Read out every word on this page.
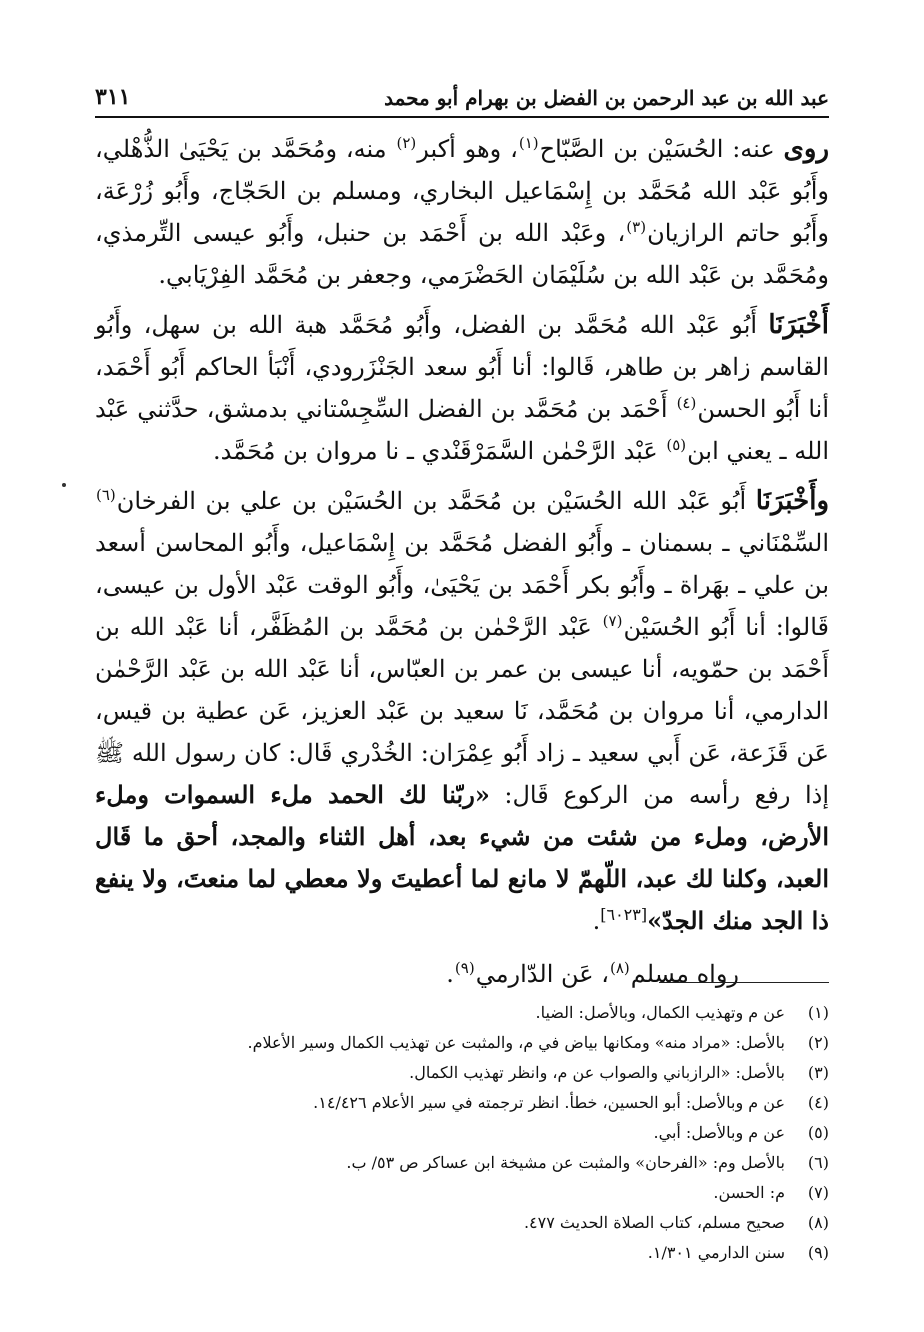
عبد الله بن عبد الرحمن بن الفضل بن بهرام أبو محمد
٣١١

روى عنه: الحُسَيْن بن الصَّبّاح$^{(١)}$، وهو أكبر$^{(٢)}$ منه، ومُحَمَّد بن يَحْيَىٰ الذُّهْلي، وأَبُو عَبْد الله مُحَمَّد بن إِسْمَاعيل البخاري، ومسلم بن الحَجّاج، وأَبُو زُرْعَة، وأَبُو حاتم الرازيان$^{(٣)}$، وعَبْد الله بن أَحْمَد بن حنبل، وأَبُو عيسى التِّرمذي، ومُحَمَّد بن عَبْد الله بن سُلَيْمَان الحَضْرَمي، وجعفر بن مُحَمَّد الفِرْيَابي.

أَخْبَرَنَا أَبُو عَبْد الله مُحَمَّد بن الفضل، وأَبُو مُحَمَّد هبة الله بن سهل، وأَبُو القاسم زاهر بن طاهر، قَالوا: أنا أَبُو سعد الجَنْزَرودي، أَنْبَأ الحاكم أَبُو أَحْمَد، أنا أَبُو الحسن$^{(٤)}$ أَحْمَد بن مُحَمَّد بن الفضل السِّجِسْتاني بدمشق، حدَّثني عَبْد الله ـ يعني ابن$^{(٥)}$ عَبْد الرَّحْمٰن السَّمَرْقَنْدي ـ نا مروان بن مُحَمَّد.

وأَخْبَرَنَا أَبُو عَبْد الله الحُسَيْن بن مُحَمَّد بن الحُسَيْن بن علي بن الفرخان$^{(٦)}$ السِّمْنَاني ـ بسمنان ـ وأَبُو الفضل مُحَمَّد بن إِسْمَاعيل، وأَبُو المحاسن أسعد بن علي ـ بهَراة ـ وأَبُو بكر أَحْمَد بن يَحْيَىٰ، وأَبُو الوقت عَبْد الأول بن عيسى، قَالوا: أنا أَبُو الحُسَيْن$^{(٧)}$ عَبْد الرَّحْمٰن بن مُحَمَّد بن المُظَفَّر، أنا عَبْد الله بن أَحْمَد بن حمّويه، أنا عيسى بن عمر بن العبّاس، أنا عَبْد الله بن عَبْد الرَّحْمٰن الدارمي، أنا مروان بن مُحَمَّد، نَا سعيد بن عَبْد العزيز، عَن عطية بن قيس، عَن قَزَعة، عَن أَبي سعيد ـ زاد أَبُو عِمْرَان: الخُدْري قَال: كان رسول الله ﷺ إذا رفع رأسه من الركوع قَال: «ربّنا لك الحمد ملء السموات وملء الأرض، وملء من شئت من شيء بعد، أهل الثناء والمجد، أحق ما قَال العبد، وكلنا لك عبد، اللّهمّ لا مانع لما أعطيتَ ولا معطي لما منعتَ، ولا ينفع ذا الجد منك الجدّ»[٦٠٢٣].

رواه مسلم$^{(٨)}$، عَن الدّارمي$^{(٩)}$.

(١)
عن م وتهذيب الكمال، وبالأصل: الضيا.
(٢)
بالأصل: «مراد منه» ومكانها بياض في م، والمثبت عن تهذيب الكمال وسير الأعلام.
(٣)
بالأصل: «الرازباني والصواب عن م، وانظر تهذيب الكمال.
(٤)
عن م وبالأصل: أبو الحسين، خطأ. انظر ترجمته في سير الأعلام ١٤/٤٢٦.
(٥)
عن م وبالأصل: أبي.
(٦)
بالأصل وم: «الفرحان» والمثبت عن مشيخة ابن عساكر ص ٥٣/ ب.
(٧)
م: الحسن.
(٨)
صحيح مسلم، كتاب الصلاة الحديث ٤٧٧.
(٩)
سنن الدارمي ١/٣٠١.
